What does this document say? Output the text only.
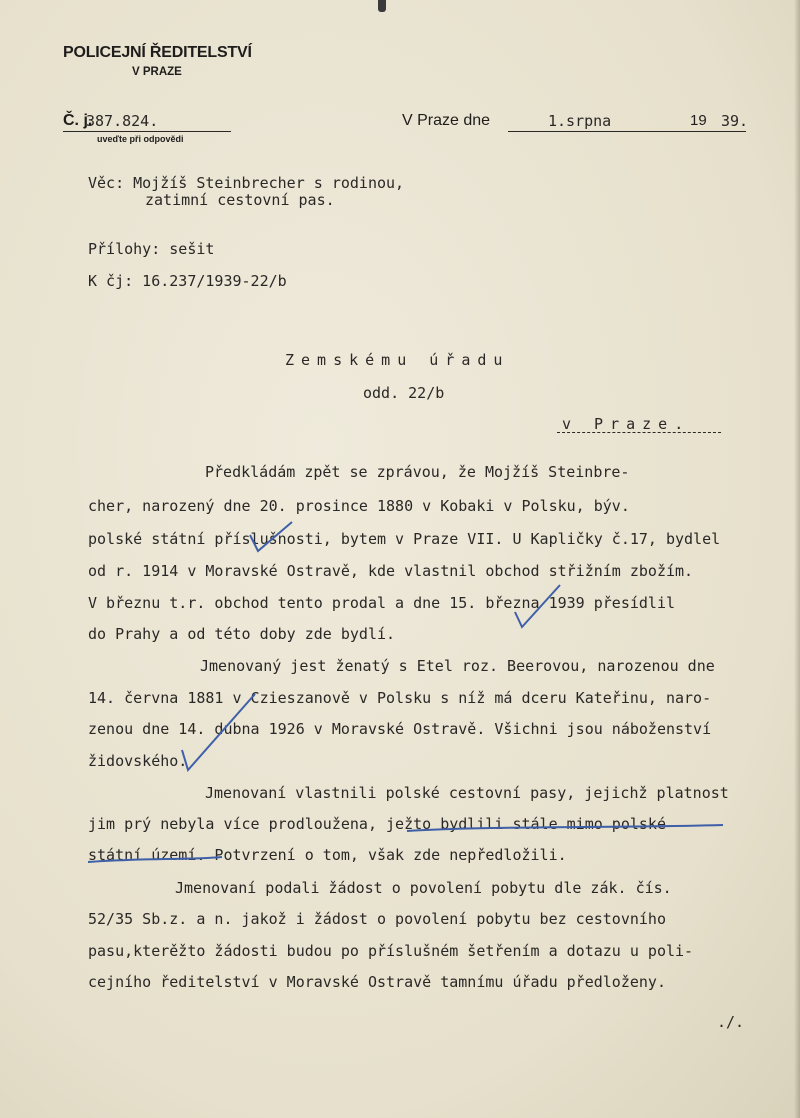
POLICEJNÍ ŘEDITELSTVÍ
V PRAZE
Č. j.
387.824.
uveďte při odpovědi
V Praze dne	1.srpna	19 39.
Věc: Mojžíš Steinbrecher s rodinou,
zatimní cestovní pas.
Přílohy: sešit
K čj: 16.237/1939-22/b
Zemskému úřadu
odd. 22/b
v Praze.
Předkládám zpět se zprávou, že Mojžíš Steinbre-
cher, narozený dne 20. prosince 1880 v Kobaki v Polsku, býv.
polské státní příslušnosti, bytem v Praze VII. U Kapličky č.17, bydlel
od r. 1914 v Moravské Ostravě, kde vlastnil obchod střižním zbožím.
V březnu t.r. obchod tento prodal a dne 15. března 1939 přesídlil
do Prahy a od této doby zde bydlí.
Jmenovaný jest ženatý s Etel roz. Beerovou, narozenou dne
14. června 1881 v Czieszanově v Polsku s níž má dceru Kateřinu, naro-
zenou dne 14. dubna 1926 v Moravské Ostravě. Všichni jsou náboženství
židovského.
Jmenovaní vlastnili polské cestovní pasy, jejichž platnost
jim prý nebyla více prodloužena, ježto bydlili stále mimo polské
státní území. Potvrzení o tom, však zde nepředložili.
Jmenovaní podali žádost o povolení pobytu dle zák. čís.
52/35 Sb.z. a n. jakož i žádost o povolení pobytu bez cestovního
pasu,kterěžto žádosti budou po příslušném šetřením a dotazu u poli-
cejního ředitelství v Moravské Ostravě tamnímu úřadu předloženy.
./.
